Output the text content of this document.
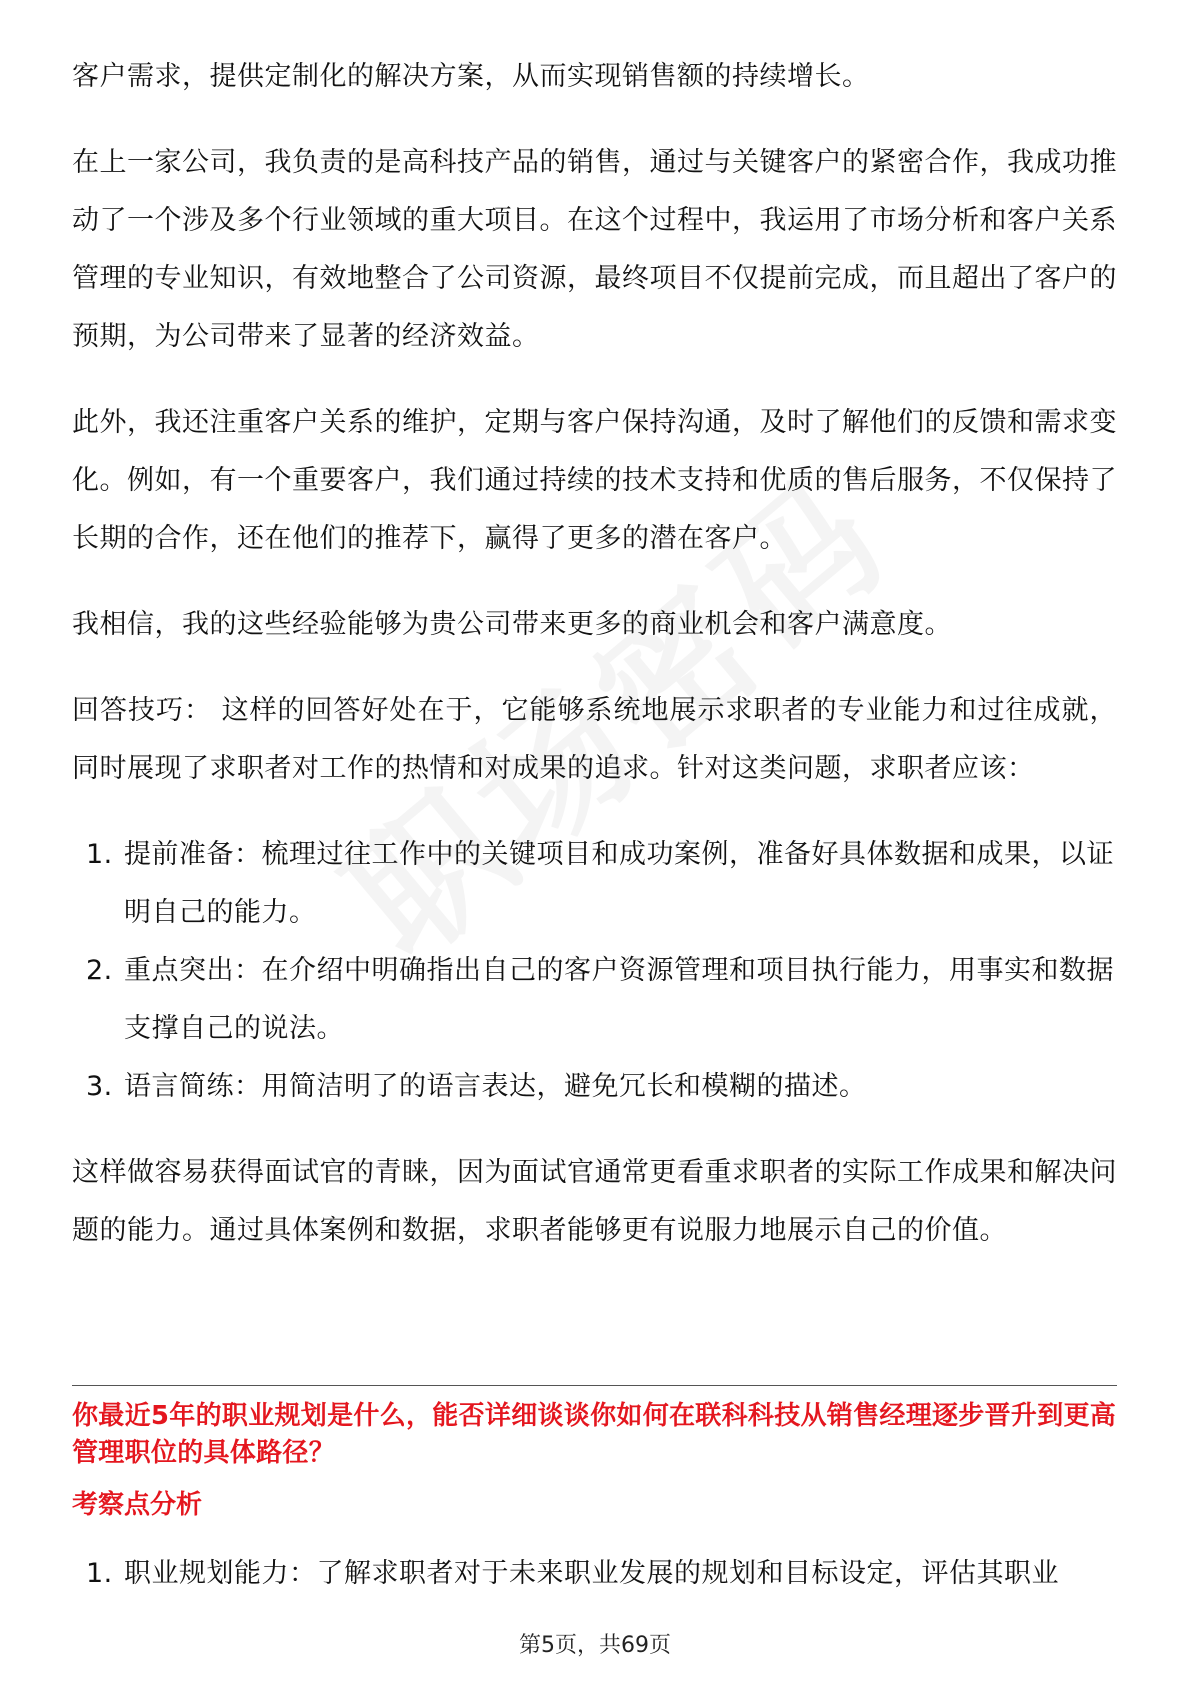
客户需求，提供定制化的解决方案，从而实现销售额的持续增长。

在上一家公司，我负责的是高科技产品的销售，通过与关键客户的紧密合作，我成功推动了一个涉及多个行业领域的重大项目。在这个过程中，我运用了市场分析和客户关系管理的专业知识，有效地整合了公司资源，最终项目不仅提前完成，而且超出了客户的预期，为公司带来了显著的经济效益。

此外，我还注重客户关系的维护，定期与客户保持沟通，及时了解他们的反馈和需求变化。例如，有一个重要客户，我们通过持续的技术支持和优质的售后服务，不仅保持了长期的合作，还在他们的推荐下，赢得了更多的潜在客户。

我相信，我的这些经验能够为贵公司带来更多的商业机会和客户满意度。

回答技巧： 这样的回答好处在于，它能够系统地展示求职者的专业能力和过往成就，同时展现了求职者对工作的热情和对成果的追求。针对这类问题，求职者应该：

1. 提前准备：梳理过往工作中的关键项目和成功案例，准备好具体数据和成果，以证明自己的能力。
2. 重点突出：在介绍中明确指出自己的客户资源管理和项目执行能力，用事实和数据支撑自己的说法。
3. 语言简练：用简洁明了的语言表达，避免冗长和模糊的描述。

这样做容易获得面试官的青睐，因为面试官通常更看重求职者的实际工作成果和解决问题的能力。通过具体案例和数据，求职者能够更有说服力地展示自己的价值。

你最近5年的职业规划是什么，能否详细谈谈你如何在联科科技从销售经理逐步晋升到更高管理职位的具体路径？
考察点分析
1. 职业规划能力：了解求职者对于未来职业发展的规划和目标设定，评估其职业
第5页，共69页
